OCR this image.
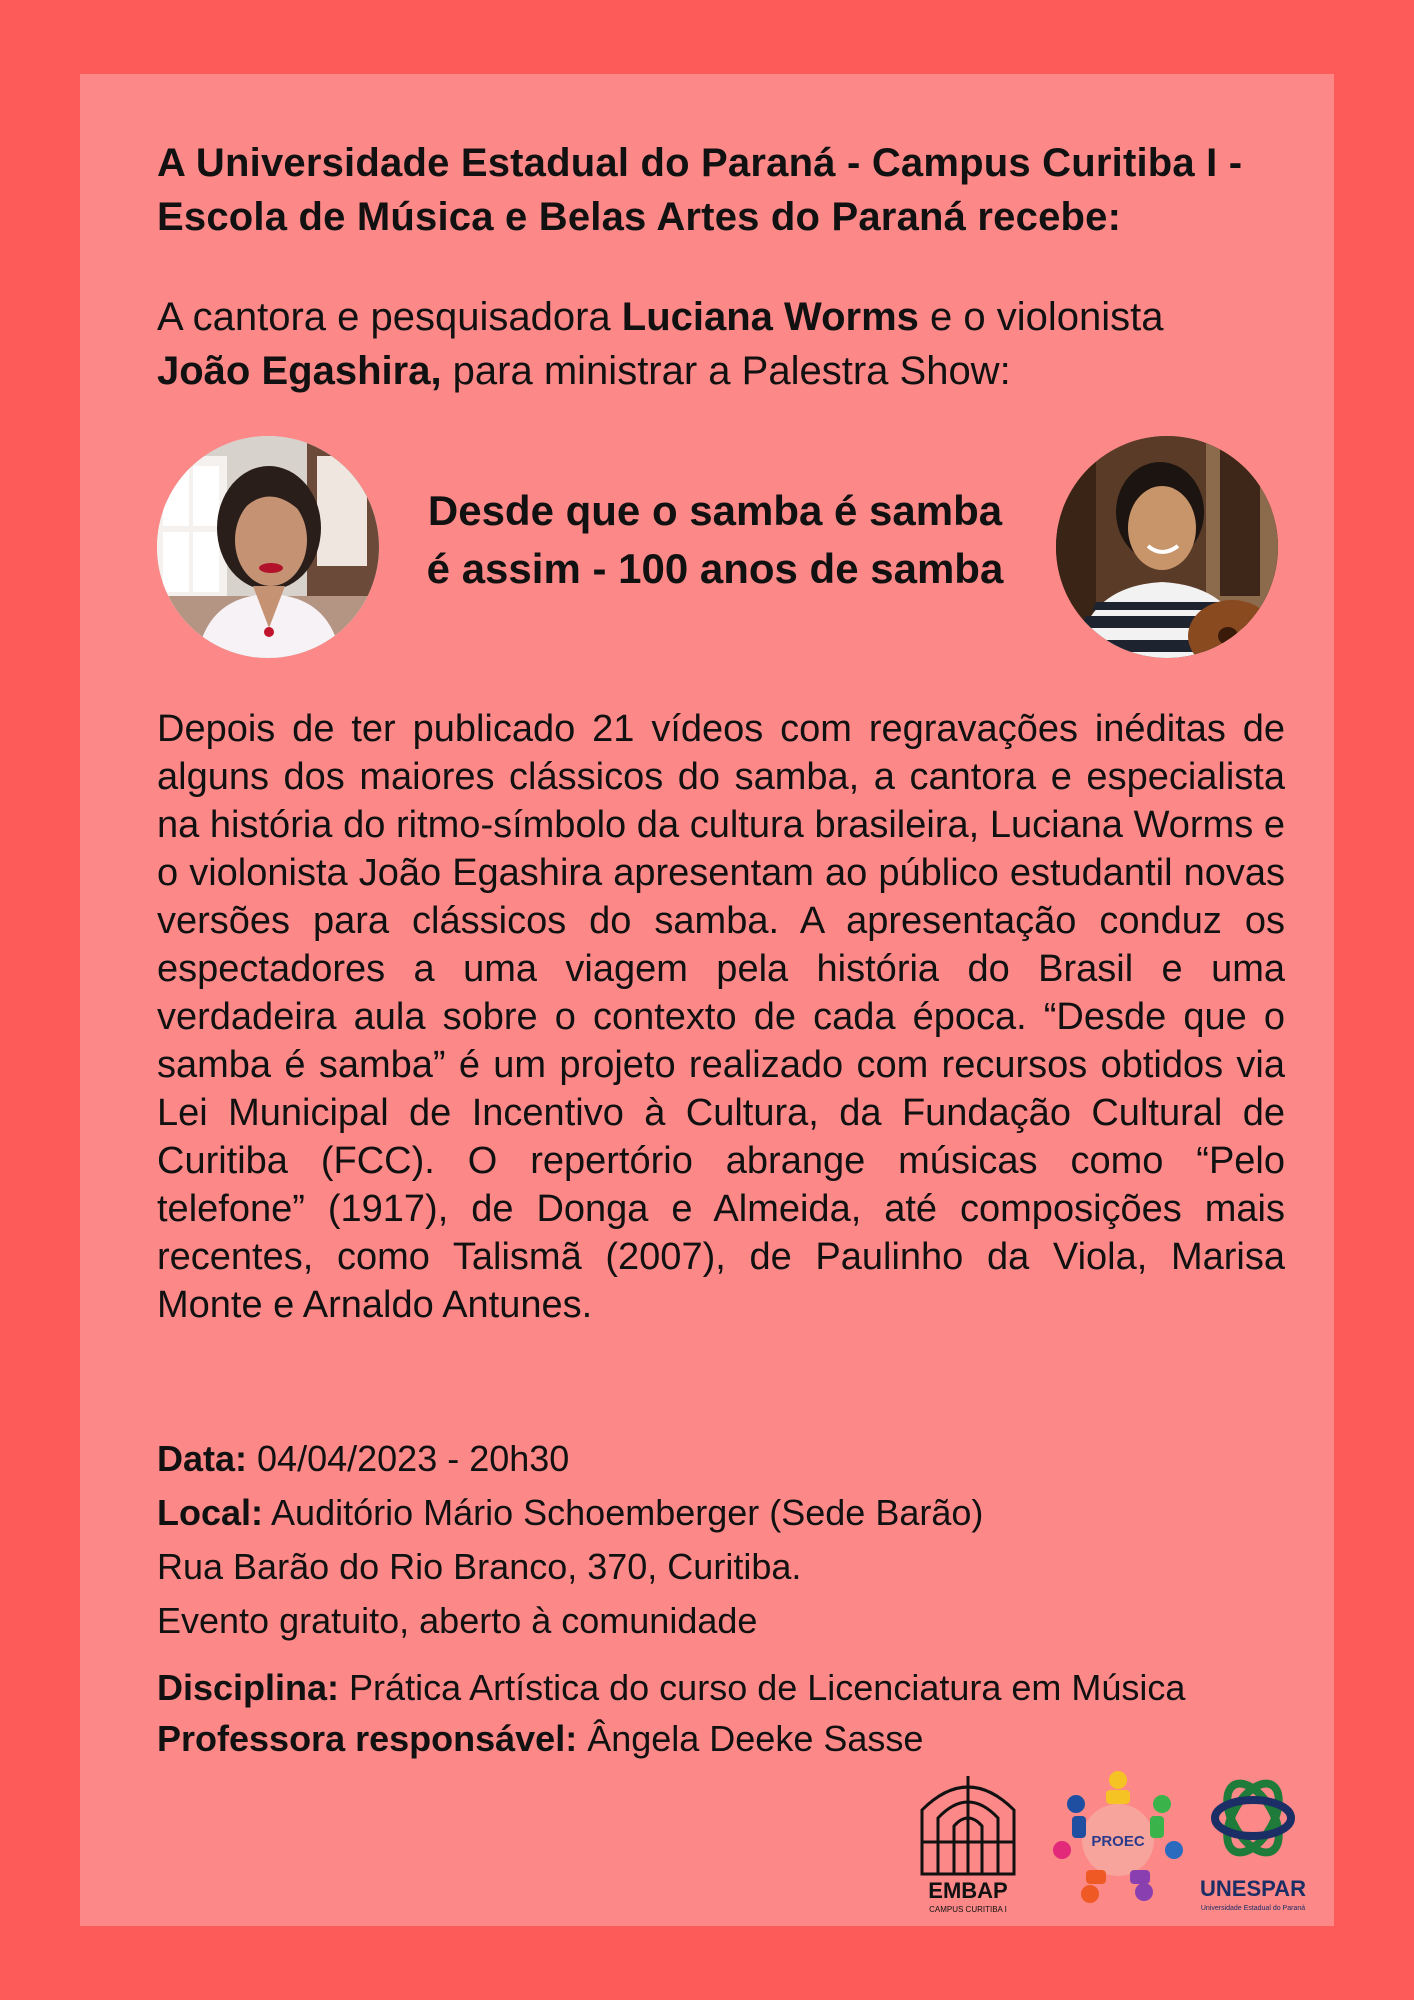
A Universidade Estadual do Paraná - Campus Curitiba I -
Escola de Música e Belas Artes do Paraná recebe:
A cantora e pesquisadora Luciana Worms e o violonista
João Egashira, para ministrar a Palestra Show:
Desde que o samba é samba
é assim - 100 anos de samba
Depois de ter publicado 21 vídeos com regravações inéditas de alguns dos maiores clássicos do samba, a cantora e especialista na história do ritmo-símbolo da cultura brasileira, Luciana Worms e o violonista João Egashira apresentam ao público estudantil novas versões para clássicos do samba. A apresentação conduz os espectadores a uma viagem pela história do Brasil e uma verdadeira aula sobre o contexto de cada época. “Desde que o samba é samba” é um projeto realizado com recursos obtidos via Lei Municipal de Incentivo à Cultura, da Fundação Cultural de Curitiba (FCC). O repertório abrange músicas como “Pelo telefone” (1917), de Donga e Almeida, até composições mais recentes, como Talismã (2007), de Paulinho da Viola, Marisa Monte e Arnaldo Antunes.
Data: 04/04/2023 - 20h30
Local: Auditório Mário Schoemberger (Sede Barão)
Rua Barão do Rio Branco, 370, Curitiba.
Evento gratuito, aberto à comunidade
Disciplina: Prática Artística do curso de Licenciatura em Música
Professora responsável: Ângela Deeke Sasse
EMBAP
CAMPUS CURITIBA I
PROEC
UNESPAR
Universidade Estadual do Paraná
